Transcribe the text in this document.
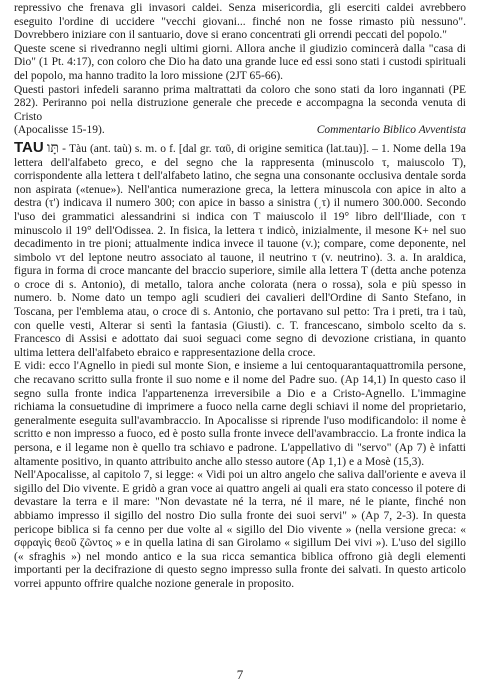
repressivo che frenava gli invasori caldei. Senza misericordia, gli eserciti caldei avrebbero eseguito l'ordine di uccidere "vecchi giovani... finché non ne fosse rimasto più nessuno". Dovrebbero iniziare con il santuario, dove si erano concentrati gli orrendi peccati del popolo."

Queste scene si rivedranno negli ultimi giorni. Allora anche il giudizio comincerà dalla "casa di Dio" (1 Pt. 4:17), con coloro che Dio ha dato una grande luce ed essi sono stati i custodi spirituali del popolo, ma hanno tradito la loro missione (2JT 65-66).

Questi pastori infedeli saranno prima maltrattati da coloro che sono stati da loro ingannati (PE 282). Periranno poi nella distruzione generale che precede e accompagna la seconda venuta di Cristo

(Apocalisse 15-19).	Commentario Biblico Avventista

TAU תָּו - Tàu (ant. taù) s. m. o f. [dal gr. ταῦ, di origine semitica (lat.tau)]. – 1. Nome della 19a lettera dell'alfabeto greco, e del segno che la rappresenta (minuscolo τ, maiuscolo T), corrispondente alla lettera t dell'alfabeto latino, che segna una consonante occlusiva dentale sorda non aspirata («tenue»). Nell'antica numerazione greca, la lettera minuscola con apice in alto a destra (τ') indicava il numero 300; con apice in basso a sinistra (͵τ) il numero 300.000. Secondo l'uso dei grammatici alessandrini si indica con T maiuscolo il 19° libro dell'Iliade, con τ minuscolo il 19° dell'Odissea. 2. In fisica, la lettera τ indicò, inizialmente, il mesone K+ nel suo decadimento in tre pioni; attualmente indica invece il tauone (v.); compare, come deponente, nel simbolo ντ del leptone neutro associato al tauone, il neutrino τ (v. neutrino). 3. a. In araldica, figura in forma di croce mancante del braccio superiore, simile alla lettera T (detta anche potenza o croce di s. Antonio), di metallo, talora anche colorata (nera o rossa), sola e più spesso in numero. b. Nome dato un tempo agli scudieri dei cavalieri dell'Ordine di Santo Stefano, in Toscana, per l'emblema atau, o croce di s. Antonio, che portavano sul petto: Tra i preti, tra i taù, con quelle vesti, Alterar si sentì la fantasia (Giusti). c. T. francescano, simbolo scelto da s. Francesco di Assisi e adottato dai suoi seguaci come segno di devozione cristiana, in quanto ultima lettera dell'alfabeto ebraico e rappresentazione della croce.

E vidi: ecco l'Agnello in piedi sul monte Sion, e insieme a lui centoquarantaquattromila persone, che recavano scritto sulla fronte il suo nome e il nome del Padre suo. (Ap 14,1) In questo caso il segno sulla fronte indica l'appartenenza irreversibile a Dio e a Cristo-Agnello. L'immagine richiama la consuetudine di imprimere a fuoco nella carne degli schiavi il nome del proprietario, generalmente eseguita sull'avambraccio. In Apocalisse si riprende l'uso modificandolo: il nome è scritto e non impresso a fuoco, ed è posto sulla fronte invece dell'avambraccio. La fronte indica la persona, e il legame non è quello tra schiavo e padrone. L'appellativo di "servo" (Ap 7) è infatti altamente positivo, in quanto attribuito anche allo stesso autore (Ap 1,1) e a Mosè (15,3).

Nell'Apocalisse, al capitolo 7, si legge: « Vidi poi un altro angelo che saliva dall'oriente e aveva il sigillo del Dio vivente. E gridò a gran voce ai quattro angeli ai quali era stato concesso il potere di devastare la terra e il mare: "Non devastate né la terra, né il mare, né le piante, finché non abbiamo impresso il sigillo del nostro Dio sulla fronte dei suoi servi" » (Ap 7, 2-3). In questa pericope biblica si fa cenno per due volte al « sigillo del Dio vivente » (nella versione greca: « σφραγὶς θεοῦ ζῶντος » e in quella latina di san Girolamo « sigillum Dei vivi »). L'uso del sigillo (« sfraghis ») nel mondo antico e la sua ricca semantica biblica offrono già degli elementi importanti per la decifrazione di questo segno impresso sulla fronte dei salvati. In questo articolo vorrei appunto offrire qualche nozione generale in proposito.

7
